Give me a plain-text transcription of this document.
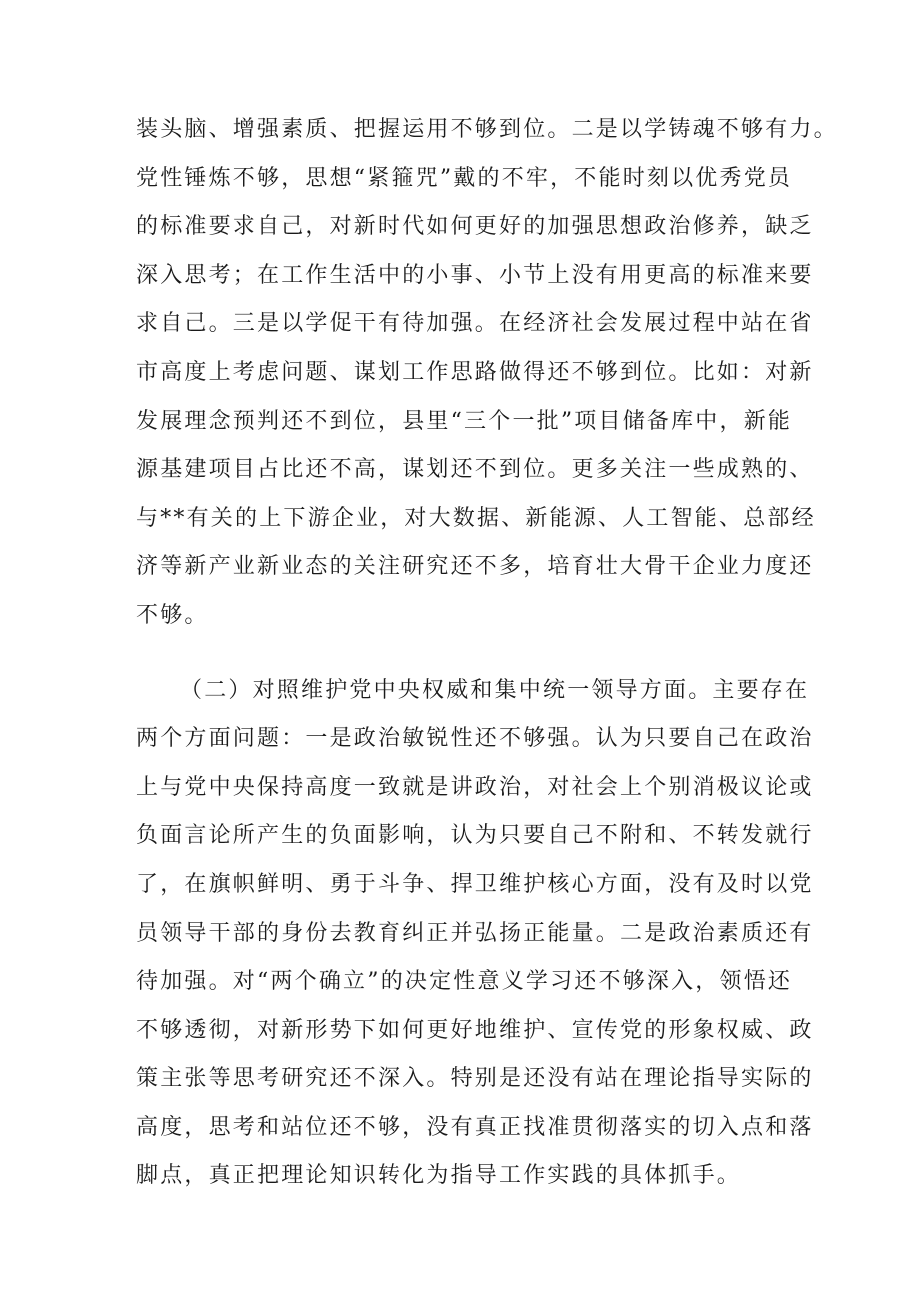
装头脑、增强素质、把握运用不够到位。二是以学铸魂不够有力。
党性锤炼不够，思想“紧箍咒”戴的不牢，不能时刻以优秀党员
的标准要求自己，对新时代如何更好的加强思想政治修养，缺乏
深入思考；在工作生活中的小事、小节上没有用更高的标准来要
求自己。三是以学促干有待加强。在经济社会发展过程中站在省
市高度上考虑问题、谋划工作思路做得还不够到位。比如：对新
发展理念预判还不到位，县里“三个一批”项目储备库中，新能
源基建项目占比还不高，谋划还不到位。更多关注一些成熟的、
与**有关的上下游企业，对大数据、新能源、人工智能、总部经
济等新产业新业态的关注研究还不多，培育壮大骨干企业力度还
不够。
（二）对照维护党中央权威和集中统一领导方面。主要存在
两个方面问题：一是政治敏锐性还不够强。认为只要自己在政治
上与党中央保持高度一致就是讲政治，对社会上个别消极议论或
负面言论所产生的负面影响，认为只要自己不附和、不转发就行
了，在旗帜鲜明、勇于斗争、捍卫维护核心方面，没有及时以党
员领导干部的身份去教育纠正并弘扬正能量。二是政治素质还有
待加强。对“两个确立”的决定性意义学习还不够深入，领悟还
不够透彻，对新形势下如何更好地维护、宣传党的形象权威、政
策主张等思考研究还不深入。特别是还没有站在理论指导实际的
高度，思考和站位还不够，没有真正找准贯彻落实的切入点和落
脚点，真正把理论知识转化为指导工作实践的具体抓手。
